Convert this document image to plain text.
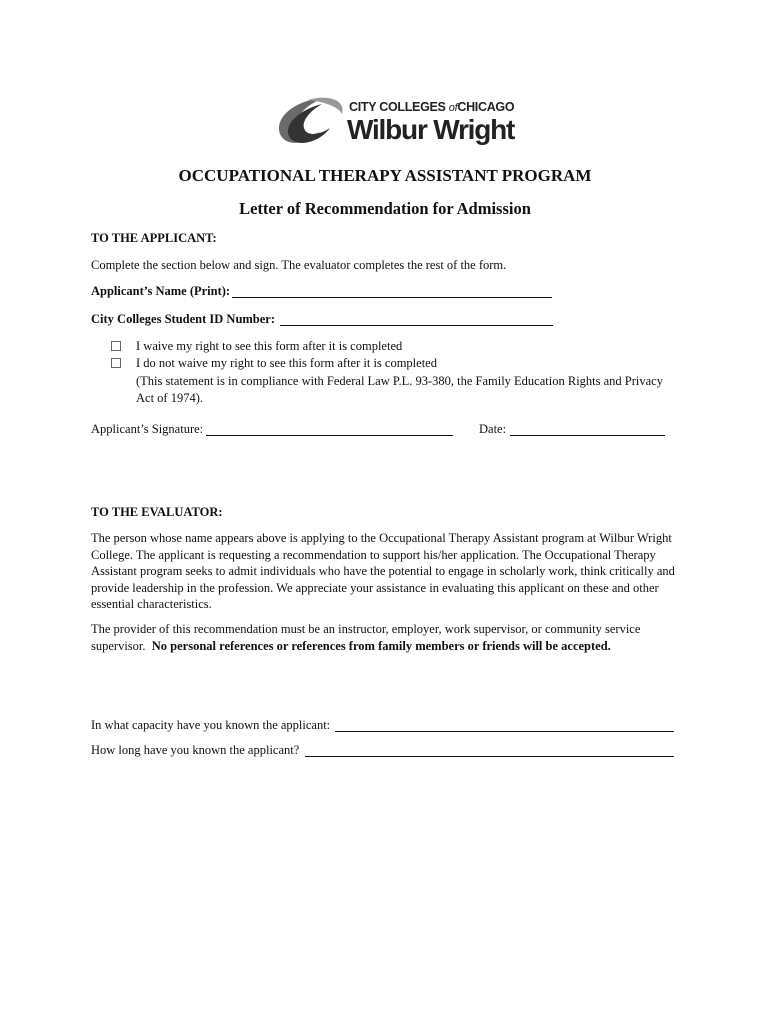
CITY COLLEGES ofCHICAGO
Wilbur Wright
OCCUPATIONAL THERAPY ASSISTANT PROGRAM
Letter of Recommendation for Admission
TO THE APPLICANT:
Complete the section below and sign. The evaluator completes the rest of the form.
Applicant’s Name (Print):
City Colleges Student ID Number:
I waive my right to see this form after it is completed
I do not waive my right to see this form after it is completed
(This statement is in compliance with Federal Law P.L. 93-380, the Family Education Rights and Privacy
Act of 1974).
Applicant’s Signature:	Date:
TO THE EVALUATOR:
The person whose name appears above is applying to the Occupational Therapy Assistant program at Wilbur Wright College. The applicant is requesting a recommendation to support his/her application. The Occupational Therapy Assistant program seeks to admit individuals who have the potential to engage in scholarly work, think critically and provide leadership in the profession. We appreciate your assistance in evaluating this applicant on these and other essential characteristics.
The provider of this recommendation must be an instructor, employer, work supervisor, or community service supervisor. No personal references or references from family members or friends will be accepted.
In what capacity have you known the applicant:
How long have you known the applicant?
